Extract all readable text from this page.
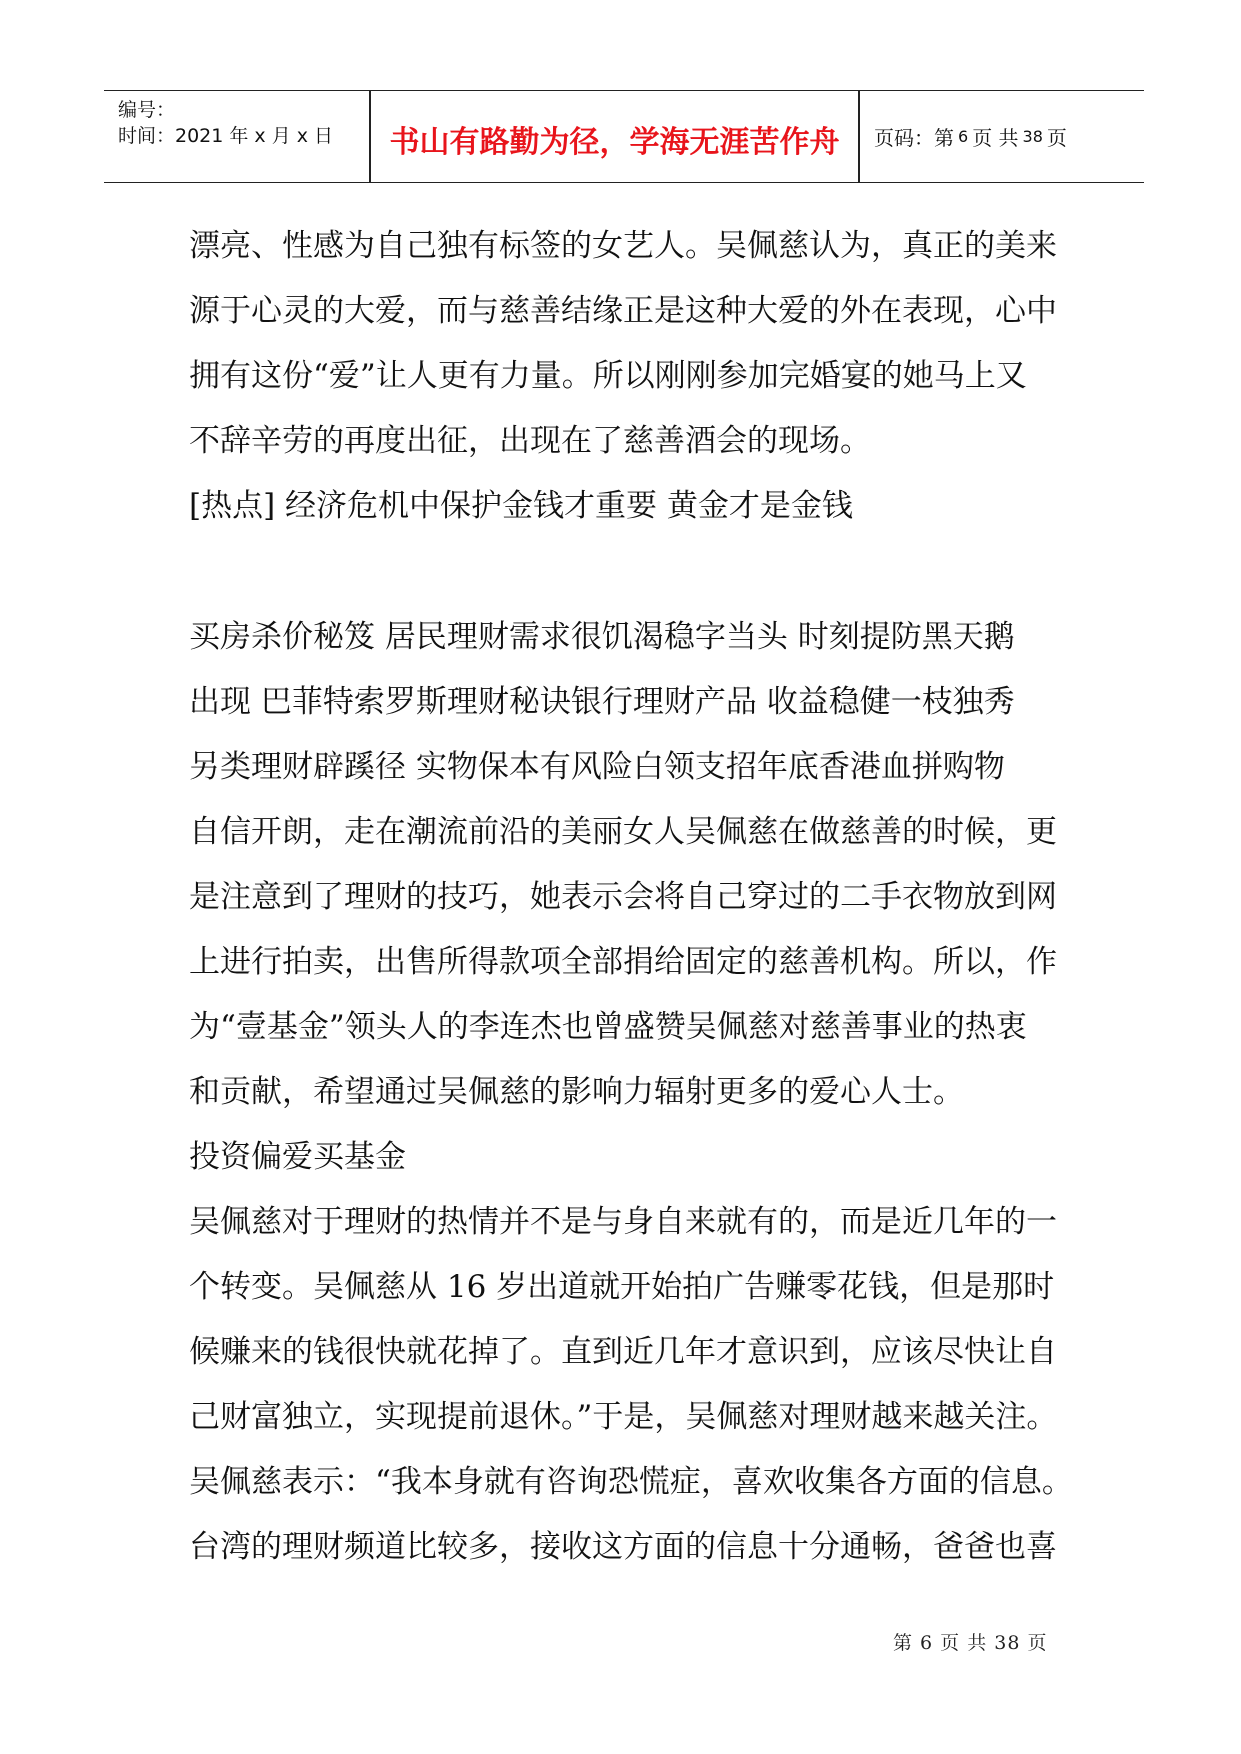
编号：
时间：2021 年 x 月 x 日 书山有路勤为径，学海无涯苦作舟 页码：第 6 页 共 38 页

漂亮、性感为自己独有标签的女艺人。吴佩慈认为，真正的美来

源于心灵的大爱，而与慈善结缘正是这种大爱的外在表现，心中

拥有这份“爱”让人更有力量。所以刚刚参加完婚宴的她马上又

不辞辛劳的再度出征，出现在了慈善酒会的现场。

[热点] 经济危机中保护金钱才重要 黄金才是金钱

买房杀价秘笈 居民理财需求很饥渴稳字当头 时刻提防黑天鹅

出现 巴菲特索罗斯理财秘诀银行理财产品 收益稳健一枝独秀

另类理财辟蹊径 实物保本有风险白领支招年底香港血拼购物

自信开朗，走在潮流前沿的美丽女人吴佩慈在做慈善的时候，更

是注意到了理财的技巧，她表示会将自己穿过的二手衣物放到网

上进行拍卖，出售所得款项全部捐给固定的慈善机构。所以，作

为“壹基金”领头人的李连杰也曾盛赞吴佩慈对慈善事业的热衷

和贡献，希望通过吴佩慈的影响力辐射更多的爱心人士。

投资偏爱买基金

吴佩慈对于理财的热情并不是与身自来就有的，而是近几年的一

个转变。吴佩慈从 16 岁出道就开始拍广告赚零花钱，但是那时

候赚来的钱很快就花掉了。直到近几年才意识到，应该尽快让自

己财富独立，实现提前退休。”于是，吴佩慈对理财越来越关注。

吴佩慈表示：“我本身就有咨询恐慌症，喜欢收集各方面的信息。

台湾的理财频道比较多，接收这方面的信息十分通畅，爸爸也喜

第 6 页 共 38 页
